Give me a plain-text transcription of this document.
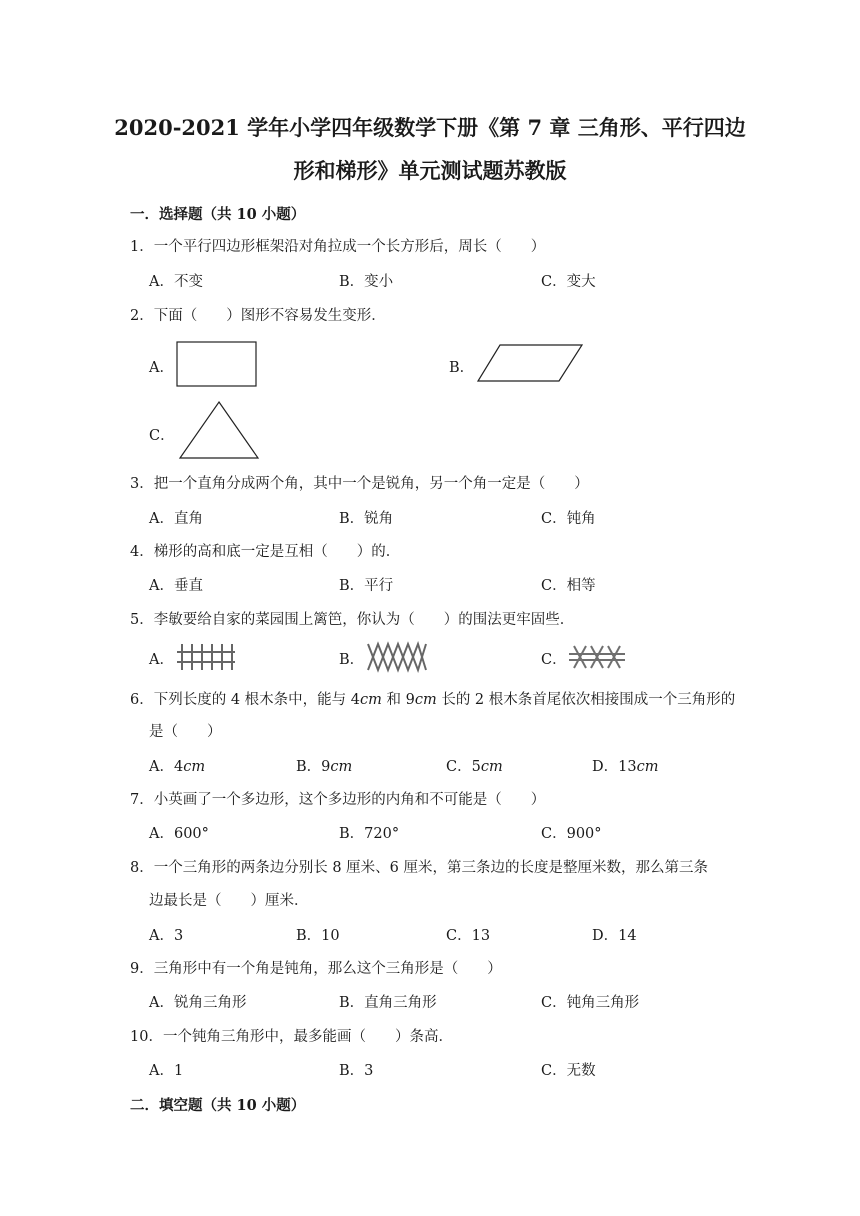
2020-2021 学年小学四年级数学下册《第 7 章 三角形、平行四边
形和梯形》单元测试题苏教版
一．选择题（共 10 小题）
1．一个平行四边形框架沿对角拉成一个长方形后，周长（　　）
A．不变	B．变小	C．变大
2．下面（　　）图形不容易发生变形．
A．	B．
C．
3．把一个直角分成两个角，其中一个是锐角，另一个角一定是（　　）
A．直角	B．锐角	C．钝角
4．梯形的高和底一定是互相（　　）的．
A．垂直	B．平行	C．相等
5．李敏要给自家的菜园围上篱笆，你认为（　　）的围法更牢固些．
A．	B．	C．
6．下列长度的 4 根木条中，能与 4cm 和 9cm 长的 2 根木条首尾依次相接围成一个三角形的
是（　　）
A．4cm	B．9cm	C．5cm	D．13cm
7．小英画了一个多边形，这个多边形的内角和不可能是（　　）
A．600°	B．720°	C．900°
8．一个三角形的两条边分别长 8 厘米、6 厘米，第三条边的长度是整厘米数，那么第三条
边最长是（　　）厘米．
A．3	B．10	C．13	D．14
9．三角形中有一个角是钝角，那么这个三角形是（　　）
A．锐角三角形	B．直角三角形	C．钝角三角形
10．一个钝角三角形中，最多能画（　　）条高．
A．1	B．3	C．无数
二．填空题（共 10 小题）
